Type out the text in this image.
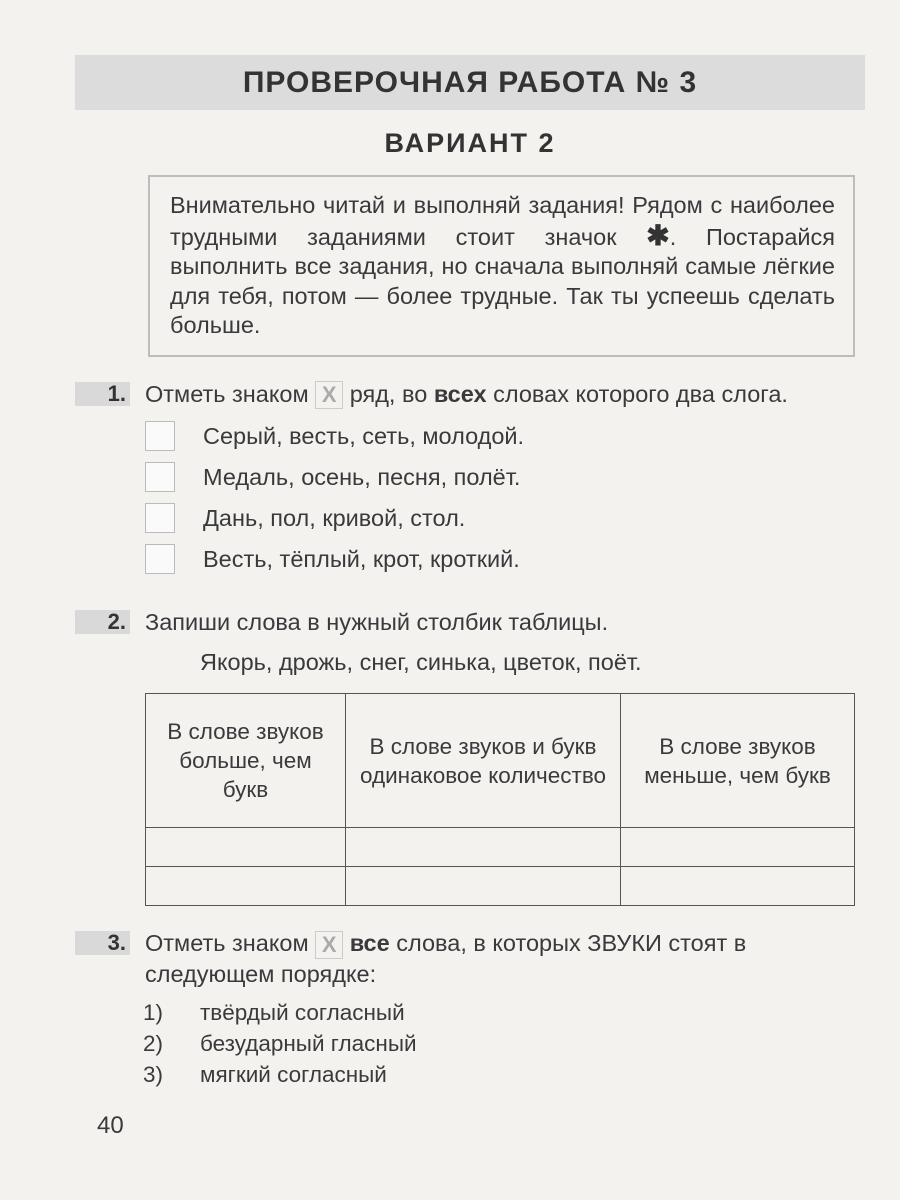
ПРОВЕРОЧНАЯ РАБОТА № 3
ВАРИАНТ 2
Внимательно читай и выполняй задания! Рядом с наиболее трудными заданиями стоит значок ✱. Постарайся выполнить все задания, но сначала выполняй самые лёгкие для тебя, потом — более трудные. Так ты успеешь сделать больше.
1. Отметь знаком X ряд, во всех словах которого два слога.
Серый, весть, сеть, молодой.
Медаль, осень, песня, полёт.
Дань, пол, кривой, стол.
Весть, тёплый, крот, кроткий.
2. Запиши слова в нужный столбик таблицы.
Якорь, дрожь, снег, синька, цветок, поёт.
В слове звуков больше, чем букв	В слове звуков и букв одинаковое количество	В слове звуков меньше, чем букв

3. Отметь знаком X все слова, в которых ЗВУКИ стоят в следующем порядке:
1)	твёрдый согласный
2)	безударный гласный
3)	мягкий согласный
40
